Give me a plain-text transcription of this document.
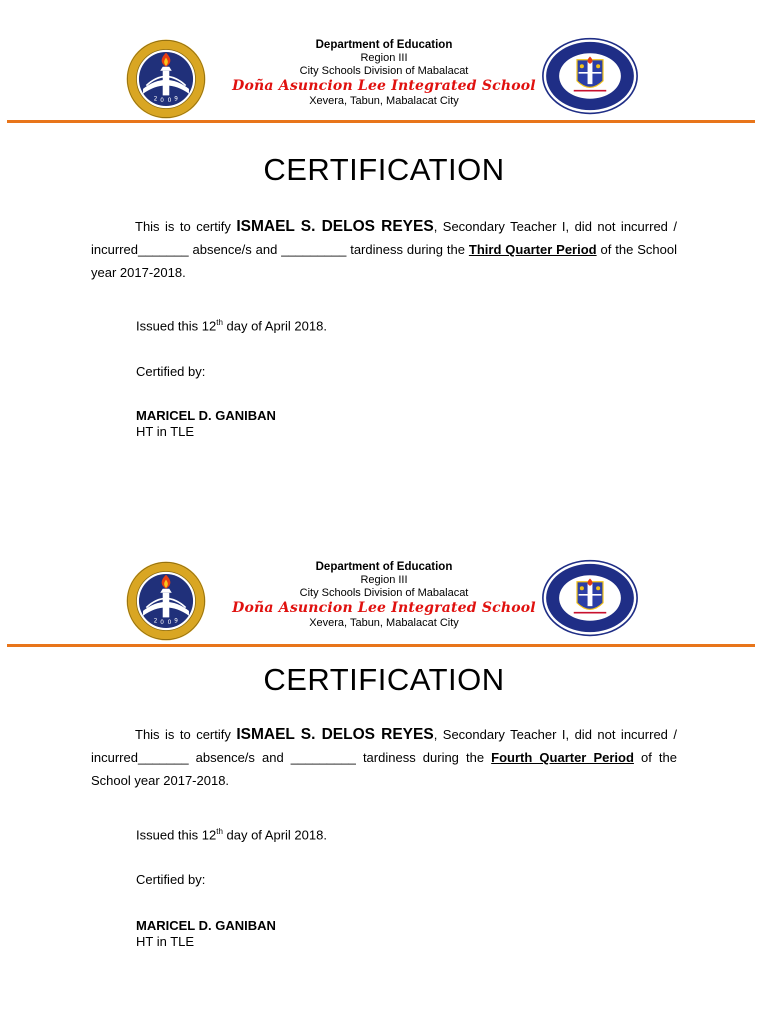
2 0 0 9
Department of Education
Region III
City Schools Division of Mabalacat
Doña Asuncion Lee Integrated School
Xevera, Tabun, Mabalacat City
CERTIFICATION
This is to certify ISMAEL S. DELOS REYES, Secondary Teacher I, did not incurred / incurred_______ absence/s and _________ tardiness during the Third Quarter Period of the School year 2017-2018.
Issued this 12th day of April 2018.
Certified by:
MARICEL D. GANIBAN
HT in TLE
2 0 0 9
Department of Education
Region III
City Schools Division of Mabalacat
Doña Asuncion Lee Integrated School
Xevera, Tabun, Mabalacat City
CERTIFICATION
This is to certify ISMAEL S. DELOS REYES, Secondary Teacher I, did not incurred / incurred_______ absence/s and _________ tardiness during the Fourth Quarter Period of the School year 2017-2018.
Issued this 12th day of April 2018.
Certified by:
MARICEL D. GANIBAN
HT in TLE
